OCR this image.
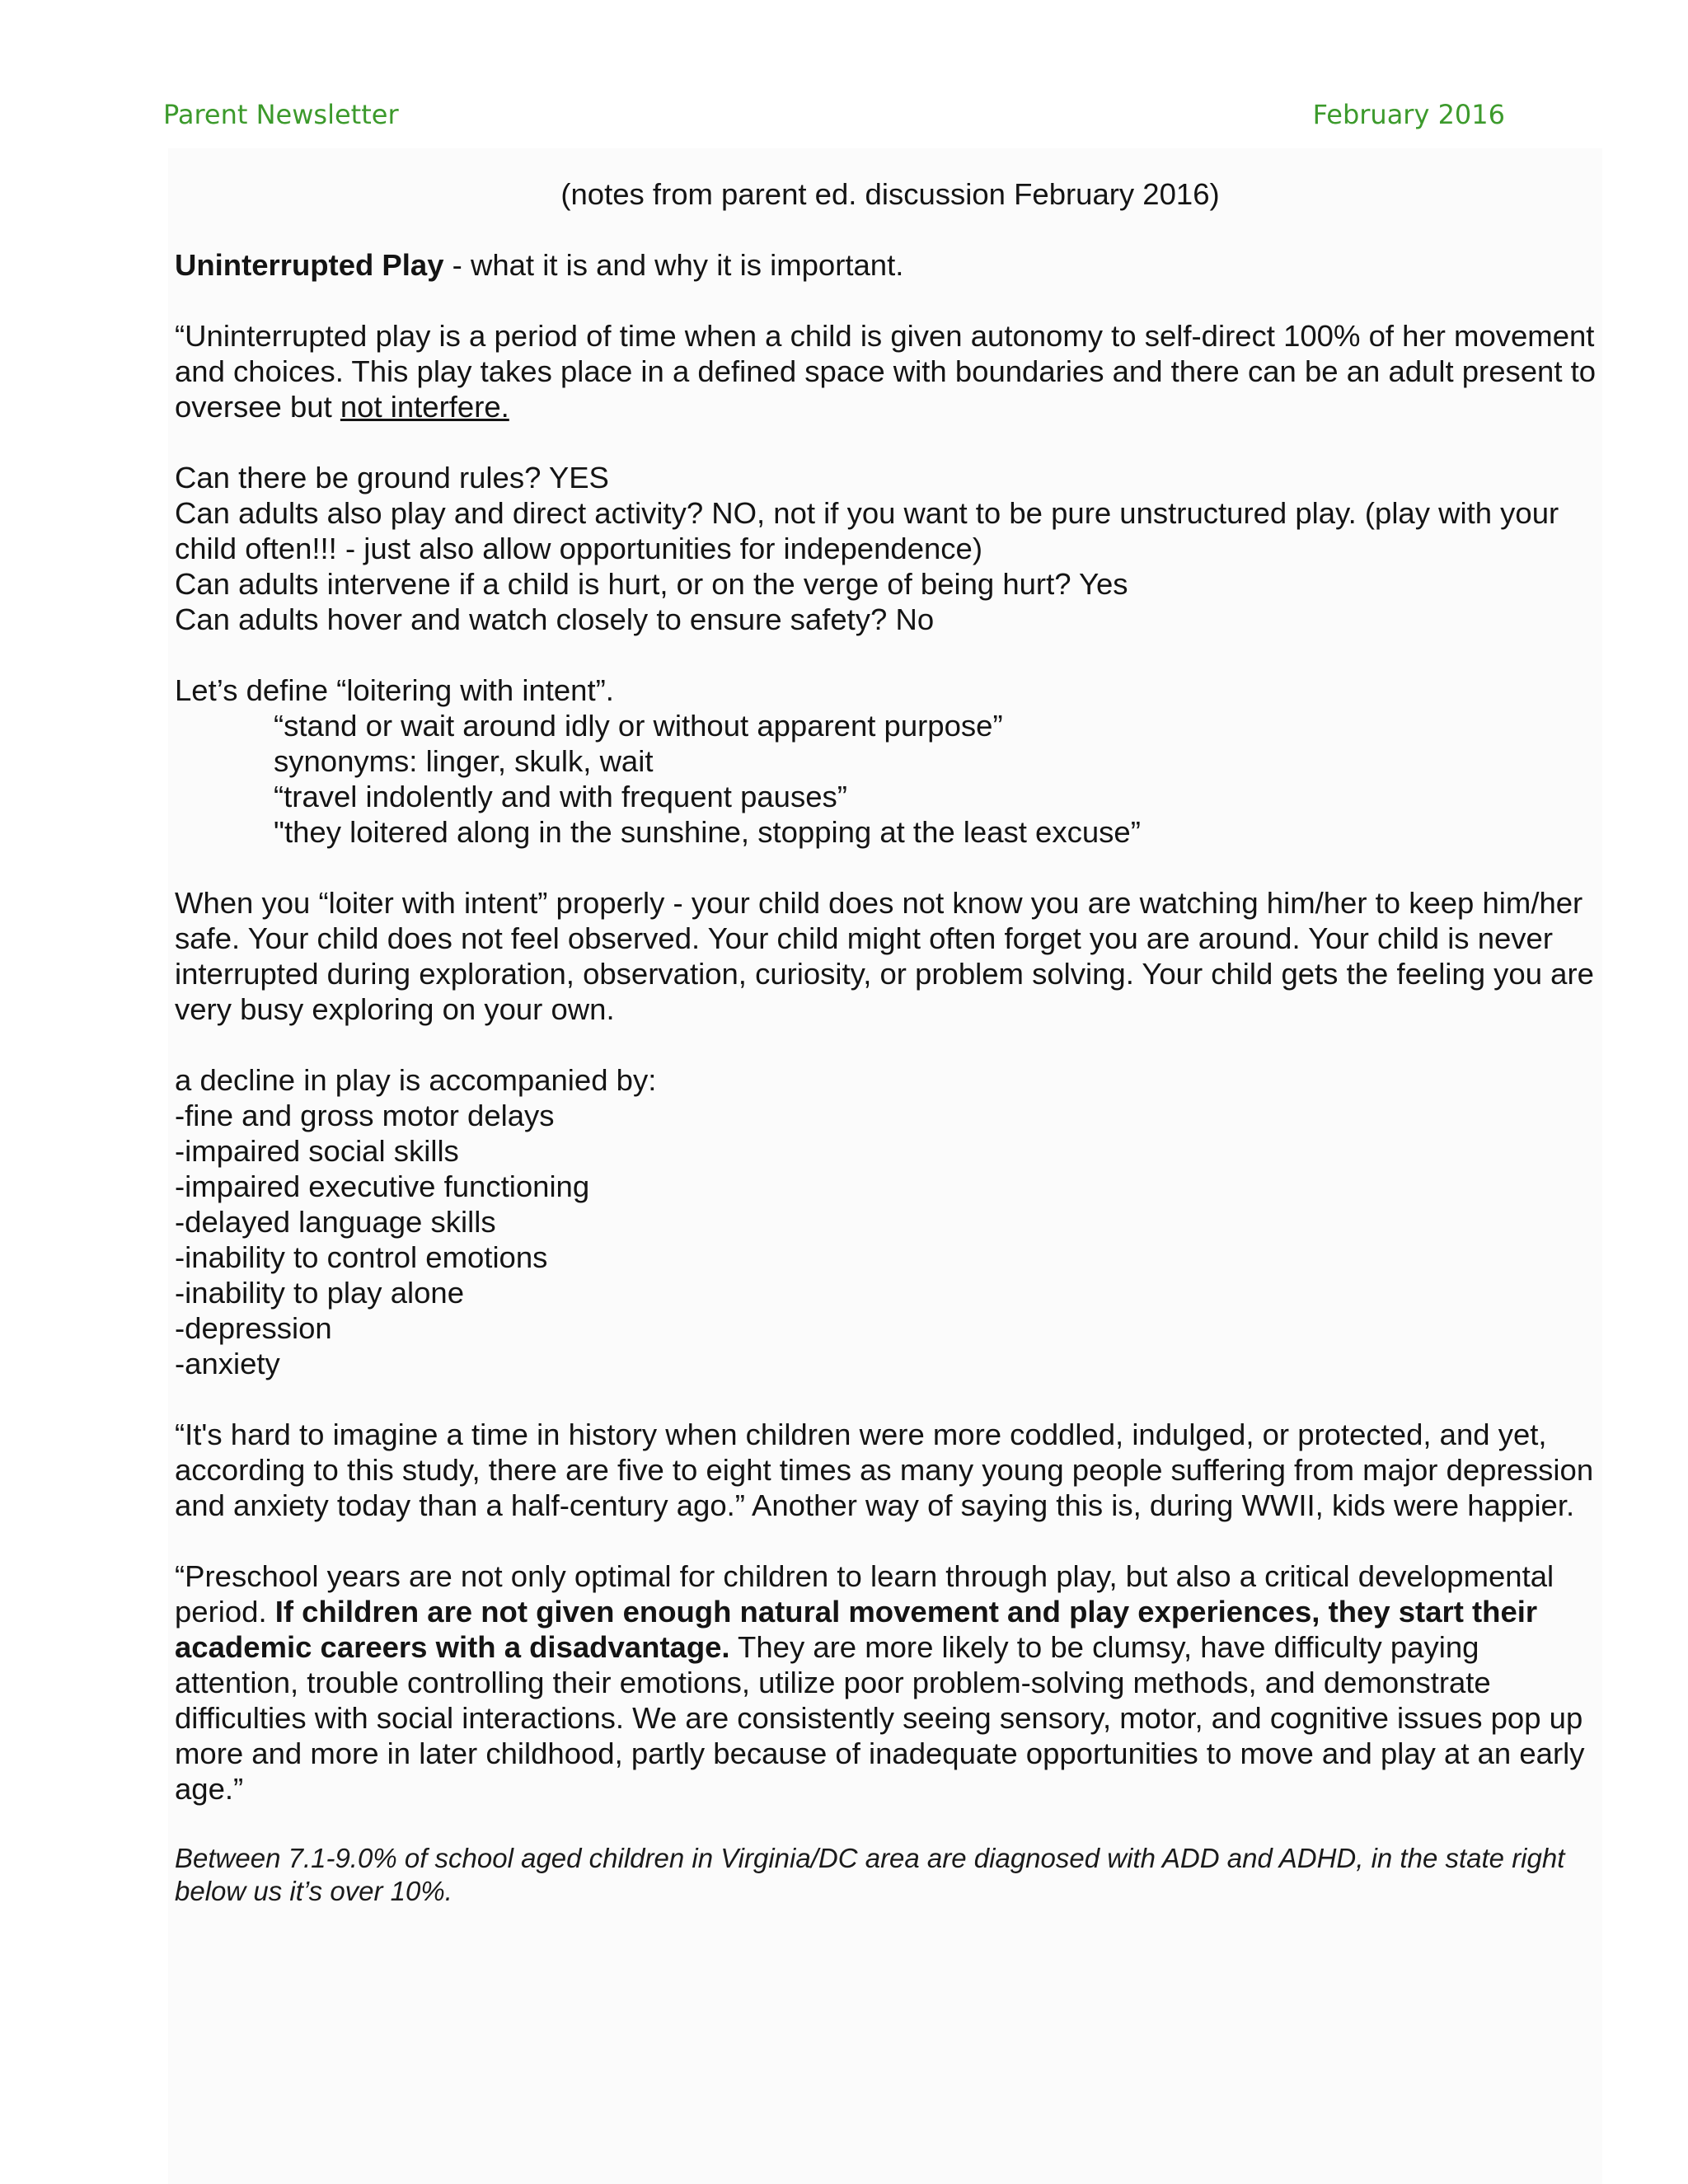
Parent Newsletter	February 2016

(notes from parent ed. discussion February 2016)

Uninterrupted Play - what it is and why it is important.

“Uninterrupted play is a period of time when a child is given autonomy to self-direct 100% of her movement and choices. This play takes place in a defined space with boundaries and there can be an adult present to oversee but not interfere.

Can there be ground rules? YES

Can adults also play and direct activity? NO, not if you want to be pure unstructured play. (play with your child often!!! - just also allow opportunities for independence)

Can adults intervene if a child is hurt, or on the verge of being hurt? Yes

Can adults hover and watch closely to ensure safety? No

Let’s define “loitering with intent”.

“stand or wait around idly or without apparent purpose”

synonyms: linger, skulk, wait

“travel indolently and with frequent pauses”

"they loitered along in the sunshine, stopping at the least excuse”

When you “loiter with intent” properly - your child does not know you are watching him/her to keep him/her safe. Your child does not feel observed. Your child might often forget you are around. Your child is never interrupted during exploration, observation, curiosity, or problem solving. Your child gets the feeling you are very busy exploring on your own.

a decline in play is accompanied by:

-fine and gross motor delays

-impaired social skills

-impaired executive functioning

-delayed language skills

-inability to control emotions

-inability to play alone

-depression

-anxiety

“It's hard to imagine a time in history when children were more coddled, indulged, or protected, and yet, according to this study, there are five to eight times as many young people suffering from major depression and anxiety today than a half-century ago.” Another way of saying this is, during WWII, kids were happier.

“Preschool years are not only optimal for children to learn through play, but also a critical developmental period. If children are not given enough natural movement and play experiences, they start their academic careers with a disadvantage. They are more likely to be clumsy, have difficulty paying attention, trouble controlling their emotions, utilize poor problem-solving methods, and demonstrate difficulties with social interactions. We are consistently seeing sensory, motor, and cognitive issues pop up more and more in later childhood, partly because of inadequate opportunities to move and play at an early age.”

Between 7.1-9.0% of school aged children in Virginia/DC area are diagnosed with ADD and ADHD, in the state right below us it’s over 10%.
